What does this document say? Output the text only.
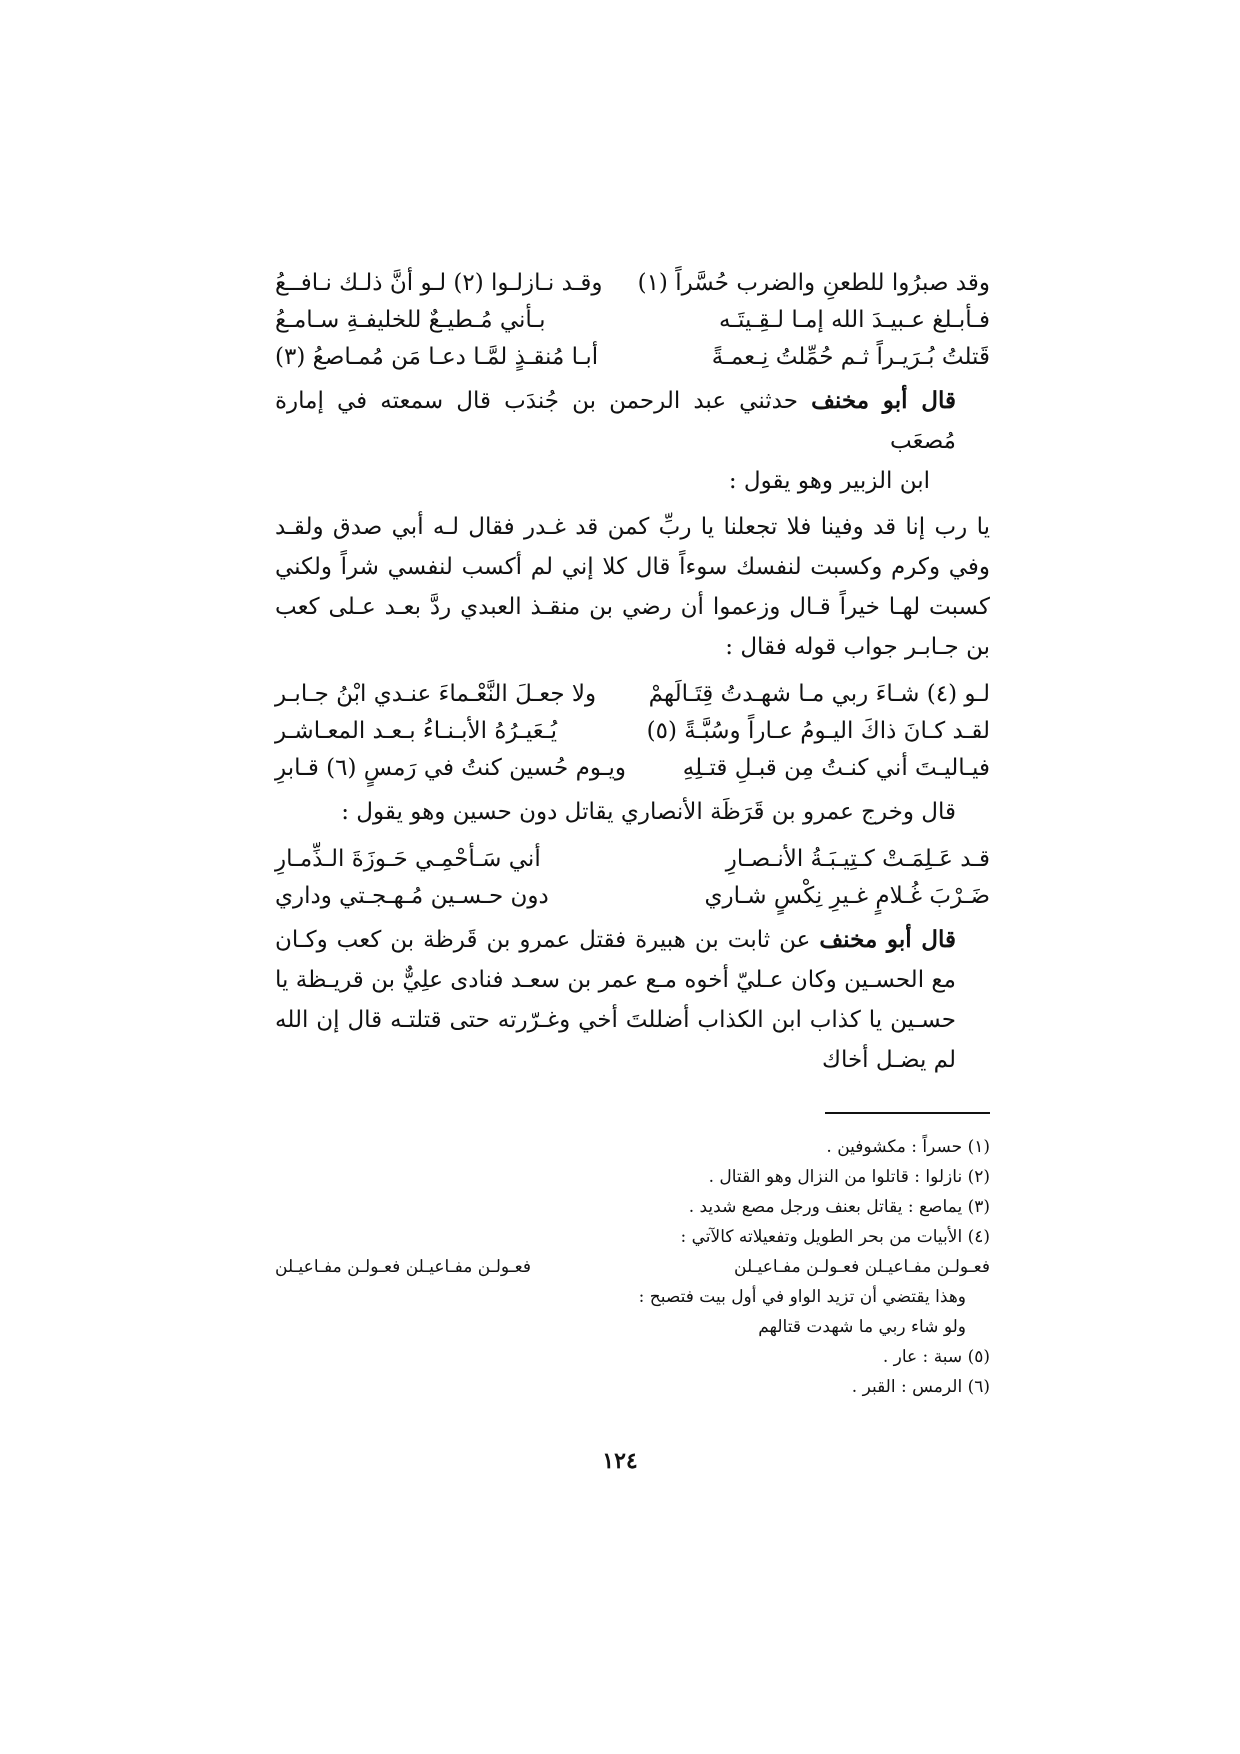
وقد صبرُوا للطعنِ والضرب حُسَّراً (١)
وقـد نـازلـوا (٢) لـو أنَّ ذلـك نـافــعُ
فـأبـلغ عـبيـدَ الله إمـا لـقِـيتَـه
بـأني مُـطيـعٌ للخليفـةِ سـامـعُ
قَتلتُ بُـرَيـراً ثـم حُمِّلتُ نِـعمـةً
أبـا مُنقـذٍ لمَّـا دعـا مَن مُمـاصعُ (٣)

قال أبو مخنف حدثني عبد الرحمن بن جُندَب قال سمعته في إمارة مُصعَب

ابن الزبير وهو يقول :

يا رب إنا قد وفينا فلا تجعلنا يا ربِّ كمن قد غـدر فقال لـه أبي صدق ولقـد وفي وكرم وكسبت لنفسك سوءاً قال كلا إني لم أكسب لنفسي شراً ولكني كسبت لهـا خيراً قـال وزعموا أن رضي بن منقـذ العبدي ردَّ بعـد عـلى كعب بن جـابـر جواب قوله فقال :

لـو (٤) شـاءَ ربي مـا شهـدتُ قِتَـالَهمْ
ولا جعـلَ النَّعْـماءَ عنـدي ابْنُ جـابـر
لقـد كـانَ ذاكَ اليـومُ عـاراً وسُبَّـةً (٥)
يُـعَيـرُهُ الأبـنـاءُ بـعـد المعـاشـر
فيـاليـتَ أني كنـتُ مِن قبـلِ قتـلِهِ
ويـوم حُسين كنتُ في رَمسٍ (٦) قـابرِ

قال وخرج عمرو بن قَرَظَة الأنصاري يقاتل دون حسين وهو يقول :

قـد عَـلِمَـتْ كـتِيـبَـةُ الأنـصـارِ
أني سَـأحْمِـي حَـوزَةَ الـذِّمـارِ
ضَـرْبَ غُـلامٍ غـيرِ نِكْسٍ شـاري
دون حـسـين مُـهـجـتي وداري

قال أبو مخنف عن ثابت بن هبيرة فقتل عمرو بن قَرظة بن كعب وكـان مع الحسـين وكان عـليّ أخوه مـع عمر بن سعـد فنادى علِيٌّ بن قريـظة يا حسـين يا كذاب ابن الكذاب أضللتَ أخي وغـرّرته حتى قتلتـه قال إن الله لم يضـل أخاك

(١) حسراً : مكشوفين .
(٢) نازلوا : قاتلوا من النزال وهو القتال .
(٣) يماصع : يقاتل بعنف ورجل مصع شديد .
(٤) الأبيات من بحر الطويل وتفعيلاته كالآتي :
فعـولـن مفـاعيـلن فعـولـن مفـاعيـلن
فعـولـن مفـاعيـلن فعـولـن مفـاعيـلن
وهذا يقتضي أن تزيد الواو في أول بيت فتصبح :
ولو شاء ربي ما شهدت قتالهم
(٥) سبة : عار .
(٦) الرمس : القبر .
١٢٤
